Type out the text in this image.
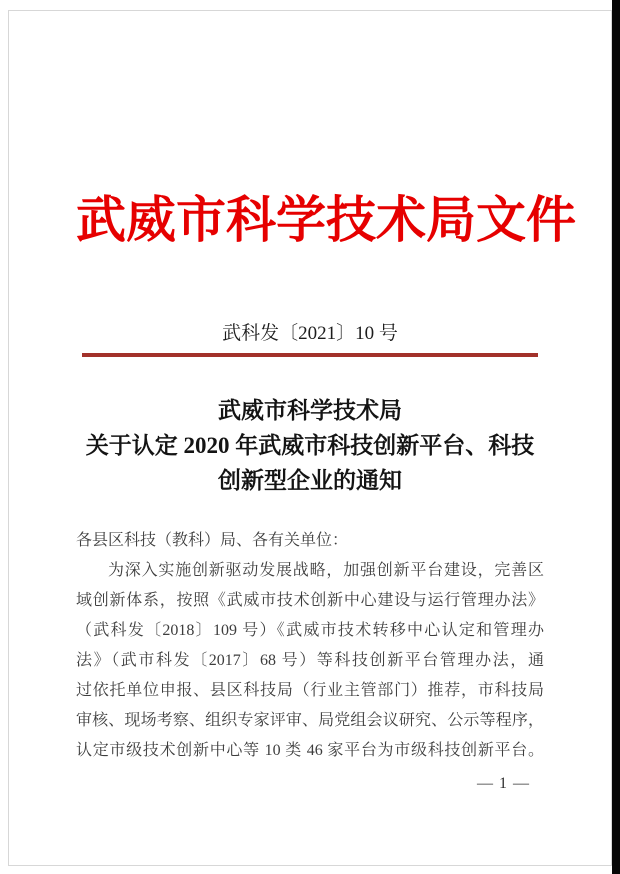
武威市科学技术局文件
武科发〔2021〕10 号
武威市科学技术局
关于认定 2020 年武威市科技创新平台、科技
创新型企业的通知
各县区科技（教科）局、各有关单位：
为深入实施创新驱动发展战略，加强创新平台建设，完善区
域创新体系，按照《武威市技术创新中心建设与运行管理办法》
（武科发〔2018〕109 号）《武威市技术转移中心认定和管理办
法》（武市科发〔2017〕68 号）等科技创新平台管理办法，通
过依托单位申报、县区科技局（行业主管部门）推荐，市科技局
审核、现场考察、组织专家评审、局党组会议研究、公示等程序，
认定市级技术创新中心等 10 类 46 家平台为市级科技创新平台。
— 1 —
